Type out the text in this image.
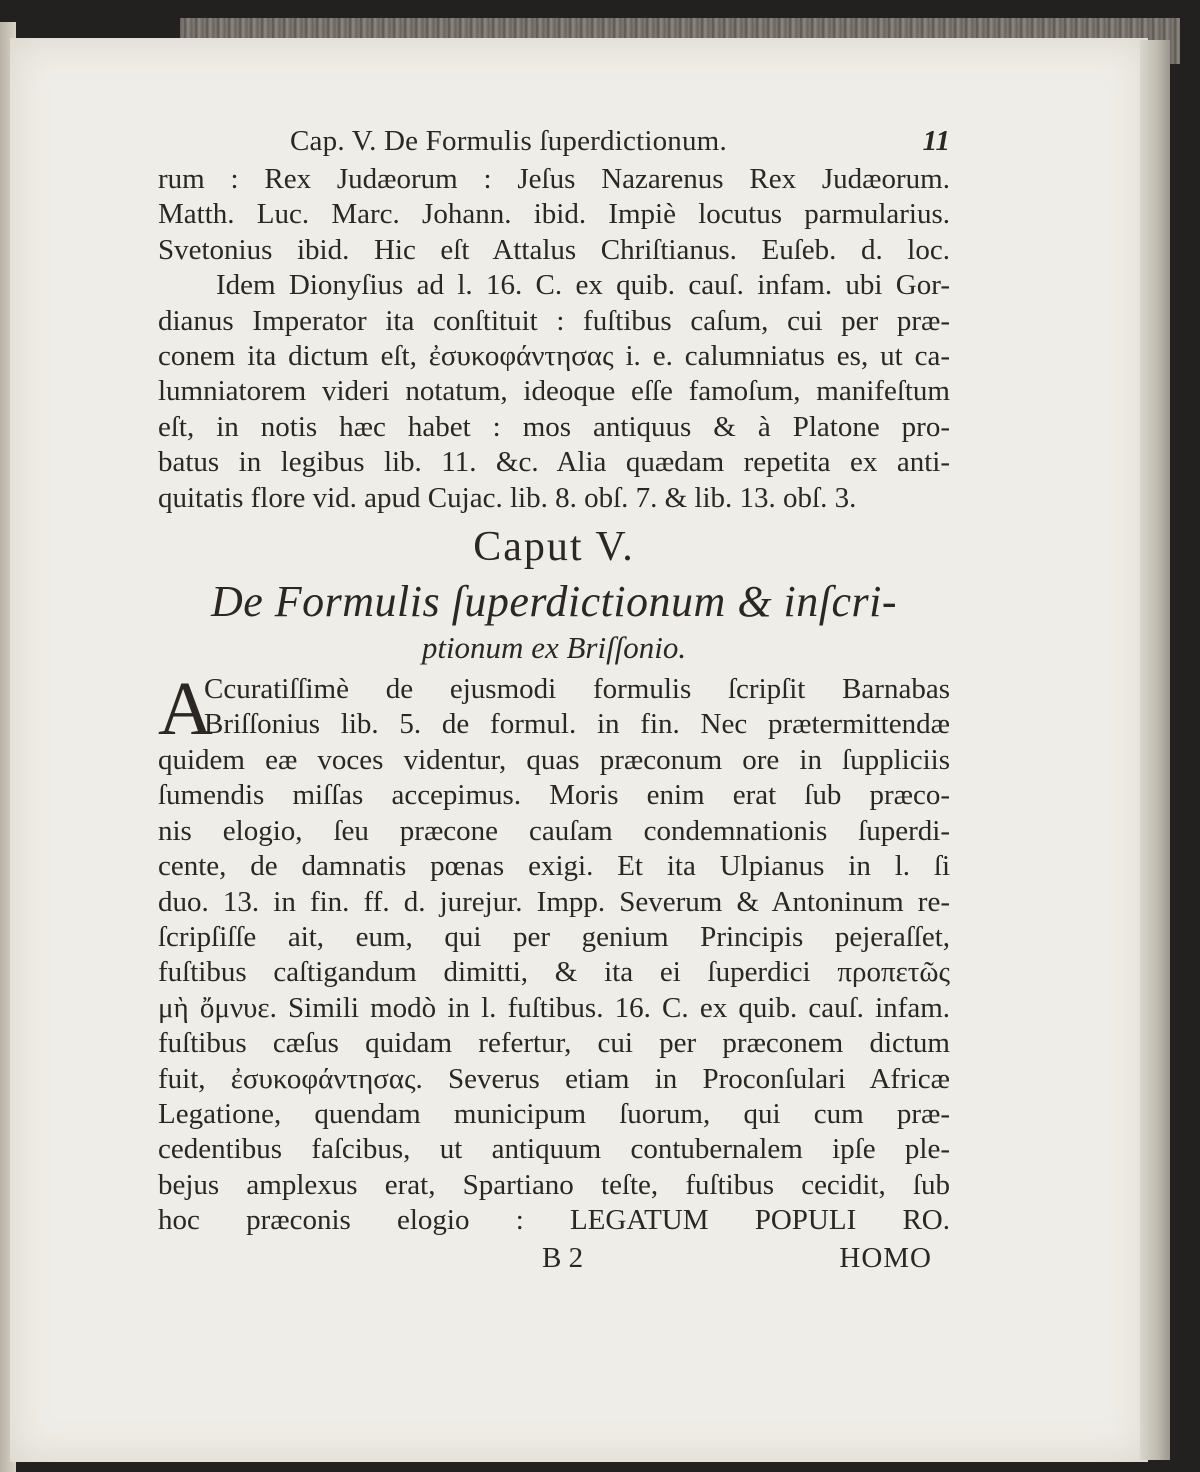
Cap. V. De Formulis ſuperdictionum.	11
rum : Rex Judæorum : Jeſus Nazarenus Rex Judæorum.
Matth. Luc. Marc. Johann. ibid. Impiè locutus parmularius.
Svetonius ibid. Hic eſt Attalus Chriſtianus. Euſeb. d. loc.
Idem Dionyſius ad l. 16. C. ex quib. cauſ. infam. ubi Gor-
dianus Imperator ita conſtituit : fuſtibus caſum, cui per præ-
conem ita dictum eſt, ἐσυκοφάντησας i. e. calumniatus es, ut ca-
lumniatorem videri notatum, ideoque eſſe famoſum, manifeſtum
eſt, in notis hæc habet : mos antiquus & à Platone pro-
batus in legibus lib. 11. &c. Alia quædam repetita ex anti-
quitatis flore vid. apud Cujac. lib. 8. obſ. 7. & lib. 13. obſ. 3.
Caput V.
De Formulis ſuperdictionum & inſcri-
ptionum ex Briſſonio.
A
Ccuratiſſimè de ejusmodi formulis ſcripſit Barnabas
Briſſonius lib. 5. de formul. in fin. Nec prætermittendæ
quidem eæ voces videntur, quas præconum ore in ſuppliciis
ſumendis miſſas accepimus. Moris enim erat ſub præco-
nis elogio, ſeu præcone cauſam condemnationis ſuperdi-
cente, de damnatis pœnas exigi. Et ita Ulpianus in l. ſi
duo. 13. in fin. ff. d. jurejur. Impp. Severum & Antoninum re-
ſcripſiſſe ait, eum, qui per genium Principis pejeraſſet,
fuſtibus caſtigandum dimitti, & ita ei ſuperdici προπετῶς
μὴ ὄμνυε. Simili modò in l. fuſtibus. 16. C. ex quib. cauſ. infam.
fuſtibus cæſus quidam refertur, cui per præconem dictum
fuit, ἐσυκοφάντησας. Severus etiam in Proconſulari Africæ
Legatione, quendam municipum ſuorum, qui cum præ-
cedentibus faſcibus, ut antiquum contubernalem ipſe ple-
bejus amplexus erat, Spartiano teſte, fuſtibus cecidit, ſub
hoc præconis elogio : LEGATUM POPULI RO.
B 2	HOMO
